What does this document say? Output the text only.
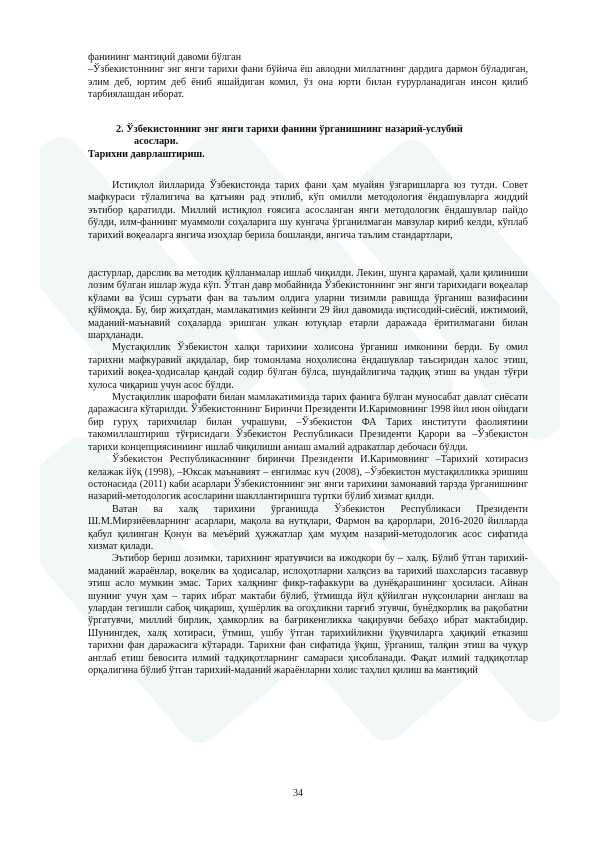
фанининг мантиқий давоми бўлган

–Ўзбекистоннинг энг янги тарихи фани бўйича ёш авлодни миллатнинг дардига дармон бўладиган, элим деб, юртим деб ёниб яшайдиган комил, ўз она юрти билан ғурурланадиган инсон қилиб тарбиялашдан иборат.

2. Ўзбекистоннинг энг янги тарихи фанини ўрганишнинг назарий-услубий

асослари.

Тарихни даврлаштириш.

Истиқлол йилларида Ўзбекистонда тарих фани ҳам муайян ўзгаришларга юз тутди. Совет мафкураси тўлалигича ва қатъиян рад этилиб, кўп омилли методология ёндашувларга жиддий эътибор қаратилди. Миллий истиқлол ғоясига асосланган янги методологик ёндашувлар пайдо бўлди, илм-фаннинг муаммоли соҳаларига шу кунгача ўрганилмаган мавзулар кириб келди, кўплаб тарихий воқеаларга янгича изоҳлар берила бошланди, янгича таълим стандартлари,

дастурлар, дарслик ва методик қўлланмалар ишлаб чиқилди. Лекин, шунга қарамай, ҳали қилиниши лозим бўлган ишлар жуда кўп. Ўтган давр мобайнида Ўзбекистоннинг энг янги тарихидаги воқеалар кўлами ва ўсиш суръати фан ва таълим олдига уларни тизимли равишда ўрганиш вазифасини қўймоқда. Бу, бир жиҳатдан, мамлакатимиз кейинги 29 йил давомида иқтисодий-сиёсий, ижтимоий, маданий-маънавий соҳаларда эришган улкан ютуқлар етарли даражада ёритилмагани билан шарҳланади.

Мустақиллик Ўзбекистон халқи тарихини холисона ўрганиш имконини берди. Бу омил тарихни мафкуравий ақидалар, бир томонлама ноҳолисона ёндашувлар таъсиридан халос этиш, тарихий воқеа-ҳодисалар қандай содир бўлган бўлса, шундайлигича тадқиқ этиш ва ундан тўғри хулоса чиқариш учун асос бўлди.

Мустақиллик шарофати билан мамлакатимизда тарих фанига бўлган муносабат давлат сиёсати даражасига кўтарилди. Ўзбекистоннинг Биринчи Президенти И.Каримовнинг 1998 йил июн ойидаги бир гуруҳ тарихчилар билан учрашуви, –Ўзбекистон ФА Тарих институти фаолиятини такомиллаштириш тўғрисидаги Ўзбекистон Республикаси Президенти Қарори ва –Ўзбекистон тарихи концепциясиниинг ишлаб чиқилиши аниаш амалий адракатлар дебочаси бўлди.

Ўзбекистон Республикасининг биринчи Президенти И.Каримовнинг –Тарихий хотирасиз келажак йўқ (1998), –Юксак маънавият – енгилмас куч (2008), –Ўзбекистон мустақилликка эришиш остонасида (2011) каби асарлари Ўзбекистоннинг энг янги тарихини замонавий тарзда ўрганишнинг назарий-методологик асосларини шакллантиришга туртки бўлиб хизмат қилди.

Ватан ва халқ тарихини ўрганишда Ўзбекистон Республикаси Президенти Ш.М.Мирзиёевларнинг асарлари, мақола ва нутқлари, Фармон ва қарорлари, 2016-2020 йилларда қабул қилинган Қонун ва меъёрий ҳужжатлар ҳам муҳим назарий-методологик асос сифатида хизмат қилади.

Эътибор бериш лозимки, тарихнинг яратувчиси ва ижодкори бу – халқ. Бўлиб ўтган тарихий- маданий жараёнлар, воқелик ва ҳодисалар, ислоҳотларни халқсиз ва тарихий шахсларсиз тасаввур этиш асло мумкин эмас. Тарих халқнинг фикр-тафаккури ва дунёқарашининг ҳосиласи. Айнан шунинг учун ҳам – тарих ибрат мактаби бўлиб, ўтмишда йўл қўйилган нуқсонларни англаш ва улардан тегишли сабоқ чиқариш, ҳушёрлик ва огоҳликни тарғиб этувчи, бунёдкорлик ва рақобатни ўргатувчи, миллий бирлик, ҳамкорлик ва бағрикенгликка чақирувчи бебаҳо ибрат мактабидир. Шунингдек, халқ хотираси, ўтмиш, ушбу ўтган тарихийликни ўқувчиларга ҳақиқий етказиш тарихни фан даражасига кўтаради. Тарихни фан сифатида ўқиш, ўрганиш, талқин этиш ва чуқур англаб етиш бевосита илмий тадқиқотларнинг самараси ҳисобланади. Фақат илмий тадқиқотлар орқалигина бўлиб ўтган тарихий-маданий жараёнларни холис таҳлил қилиш ва мантиқий

34
